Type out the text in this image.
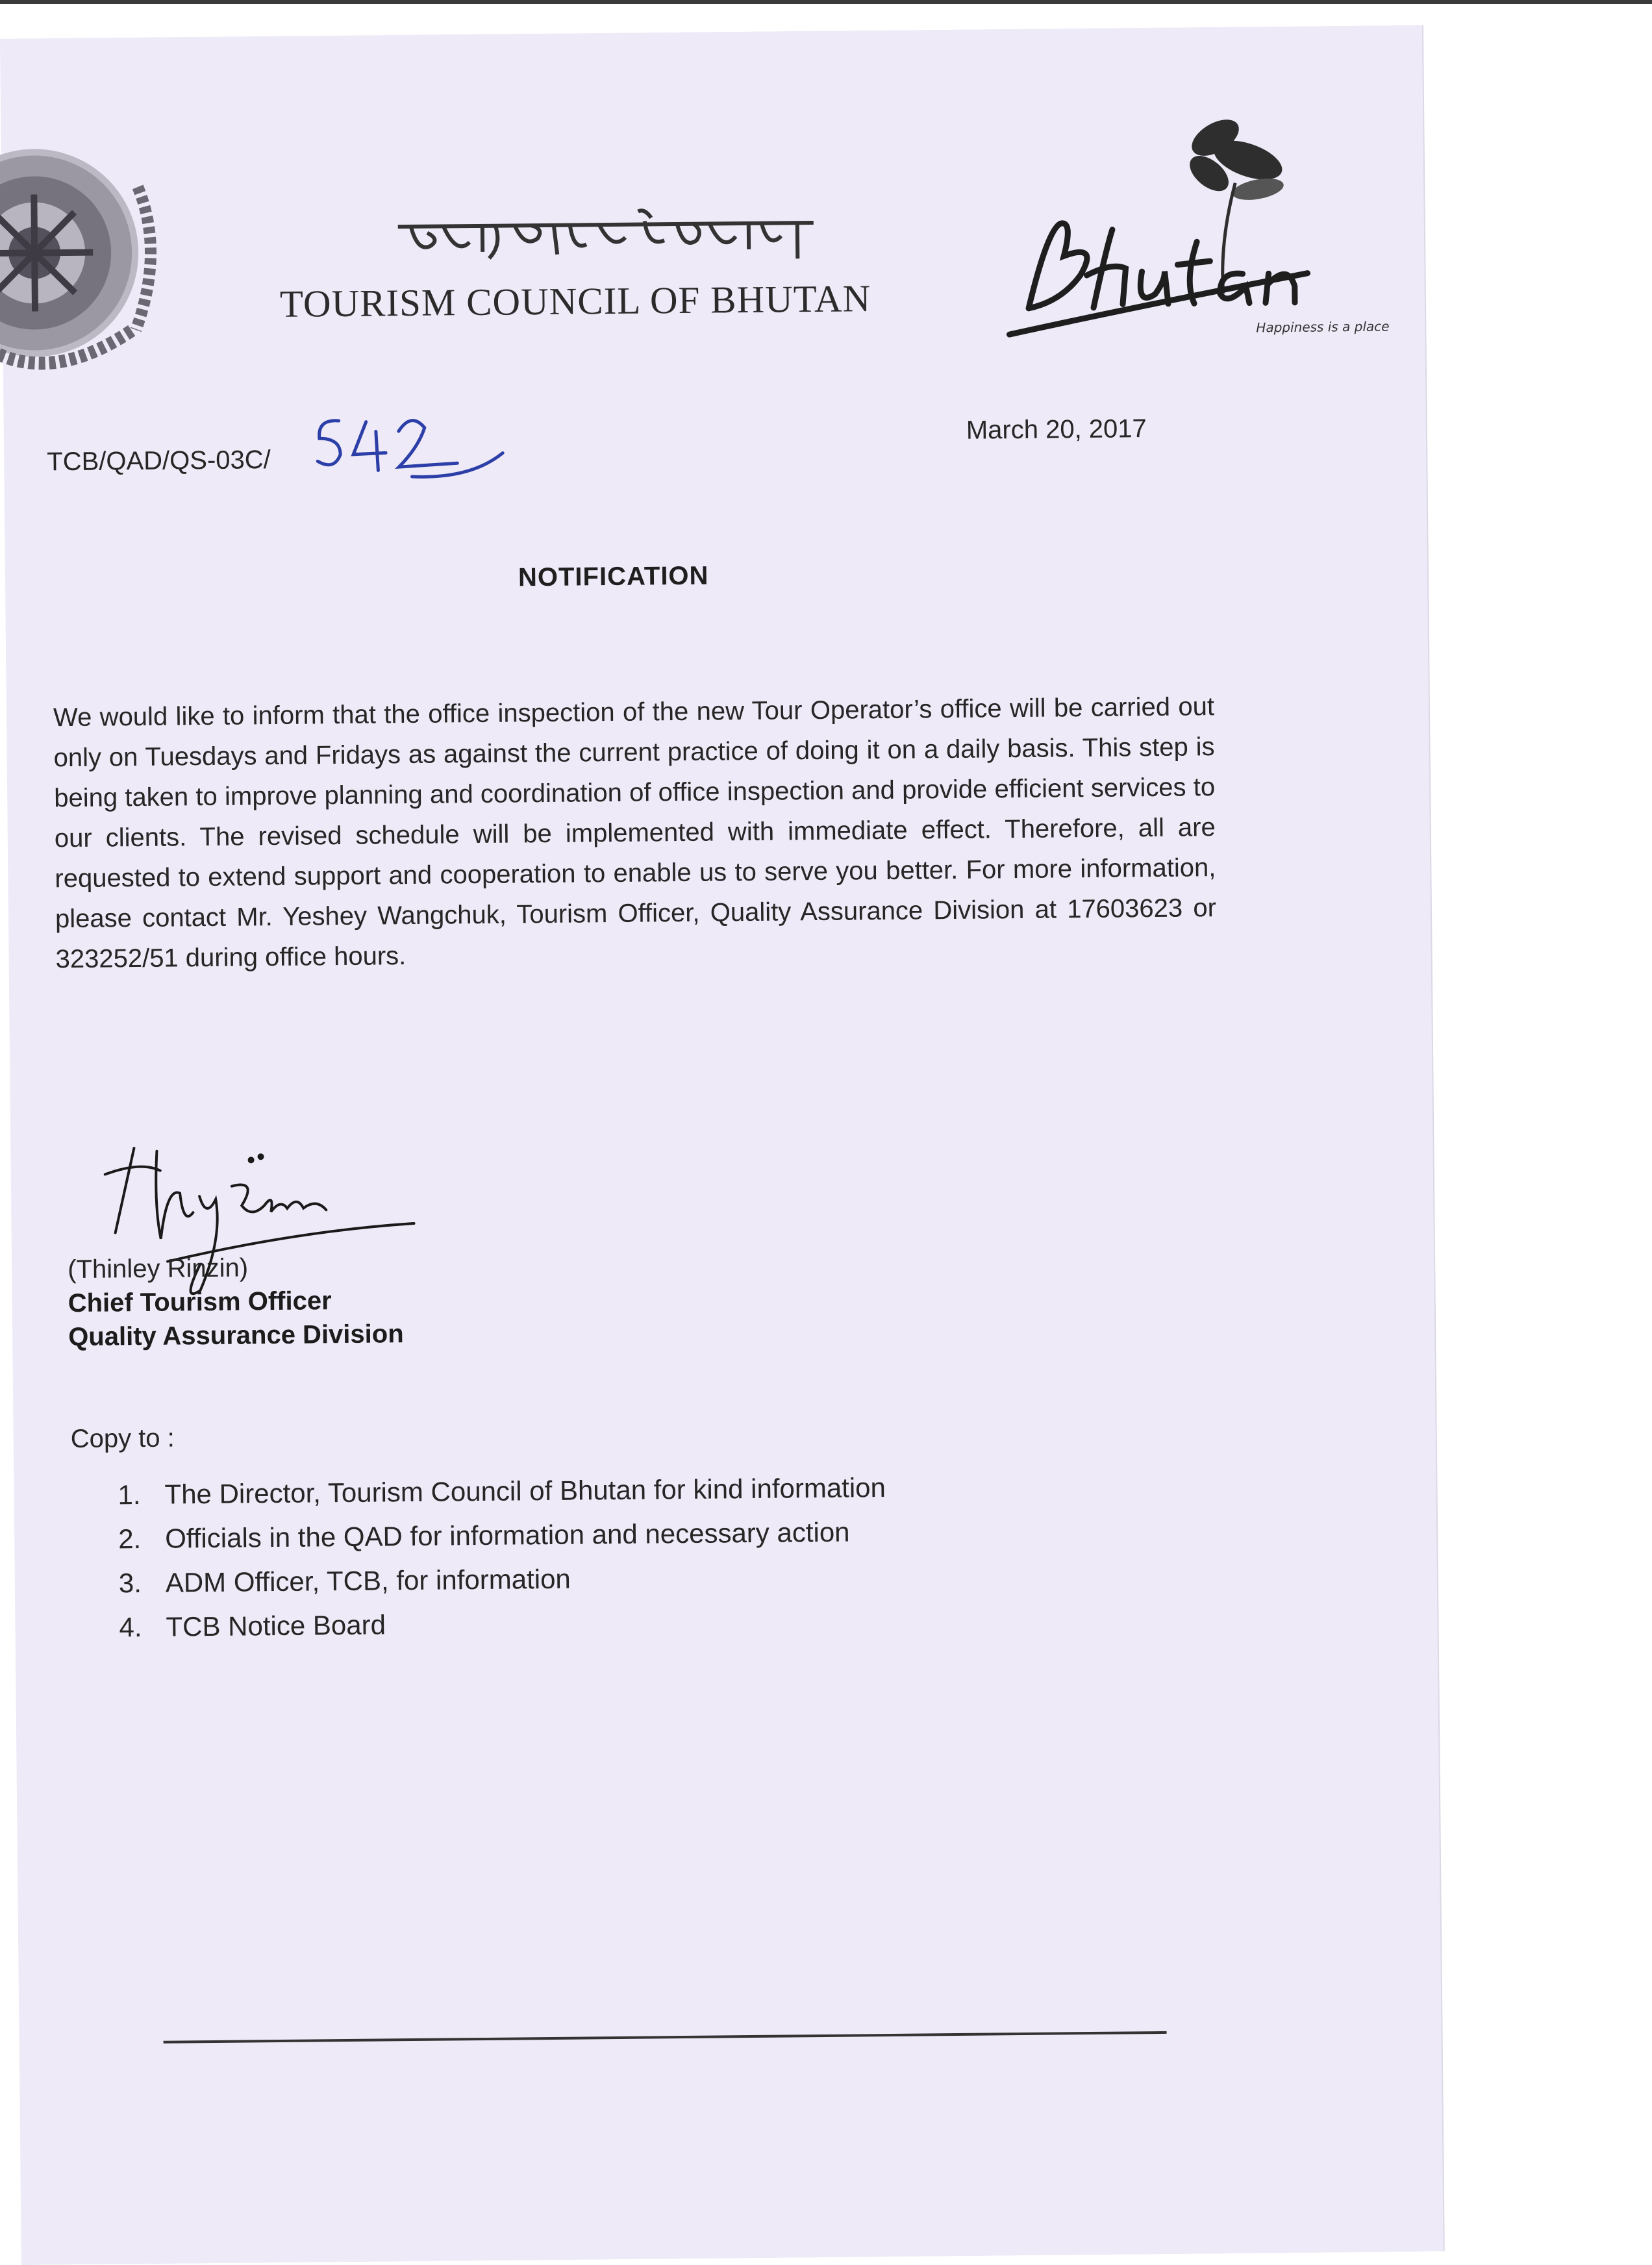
TOURISM COUNCIL OF BHUTAN
Happiness is a place
TCB/QAD/QS-03C/
March 20, 2017
NOTIFICATION
We would like to inform that the office inspection of the new Tour Operator’s office will be carried out only on Tuesdays and Fridays as against the current practice of doing it on a daily basis. This step is being taken to improve planning and coordination of office inspection and provide efficient services to our clients. The revised schedule will be implemented with immediate effect. Therefore, all are requested to extend support and cooperation to enable us to serve you better. For more information, please contact Mr. Yeshey Wangchuk, Tourism Officer, Quality Assurance Division at 17603623 or 323252/51 during office hours.
(Thinley Rinzin)
Chief Tourism Officer
Quality Assurance Division
Copy to :
1. The Director, Tourism Council of Bhutan for kind information
2. Officials in the QAD for information and necessary action
3. ADM Officer, TCB, for information
4. TCB Notice Board
